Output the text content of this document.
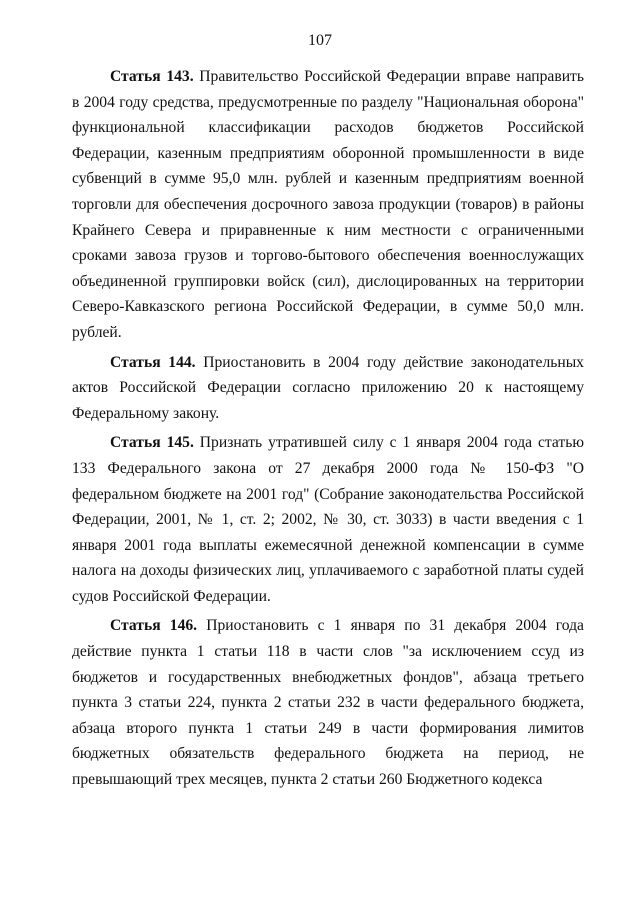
107

Статья 143. Правительство Российской Федерации вправе направить в 2004 году средства, предусмотренные по разделу "Национальная оборона" функциональной классификации расходов бюджетов Российской Федерации, казенным предприятиям оборонной промышленности в виде субвенций в сумме 95,0 млн. рублей и казенным предприятиям военной торговли для обеспечения досрочного завоза продукции (товаров) в районы Крайнего Севера и приравненные к ним местности с ограниченными сроками завоза грузов и торгово-бытового обеспечения военнослужащих объединенной группировки войск (сил), дислоцированных на территории Северо-Кавказского региона Российской Федерации, в сумме 50,0 млн. рублей.

Статья 144. Приостановить в 2004 году действие законодательных актов Российской Федерации согласно приложению 20 к настоящему Федеральному закону.

Статья 145. Признать утратившей силу с 1 января 2004 года статью 133 Федерального закона от 27 декабря 2000 года № 150-ФЗ "О федеральном бюджете на 2001 год" (Собрание законодательства Российской Федерации, 2001, № 1, ст. 2; 2002, № 30, ст. 3033) в части введения с 1 января 2001 года выплаты ежемесячной денежной компенсации в сумме налога на доходы физических лиц, уплачиваемого с заработной платы судей судов Российской Федерации.

Статья 146. Приостановить с 1 января по 31 декабря 2004 года действие пункта 1 статьи 118 в части слов "за исключением ссуд из бюджетов и государственных внебюджетных фондов", абзаца третьего пункта 3 статьи 224, пункта 2 статьи 232 в части федерального бюджета, абзаца второго пункта 1 статьи 249 в части формирования лимитов бюджетных обязательств федерального бюджета на период, не превышающий трех месяцев, пункта 2 статьи 260 Бюджетного кодекса
